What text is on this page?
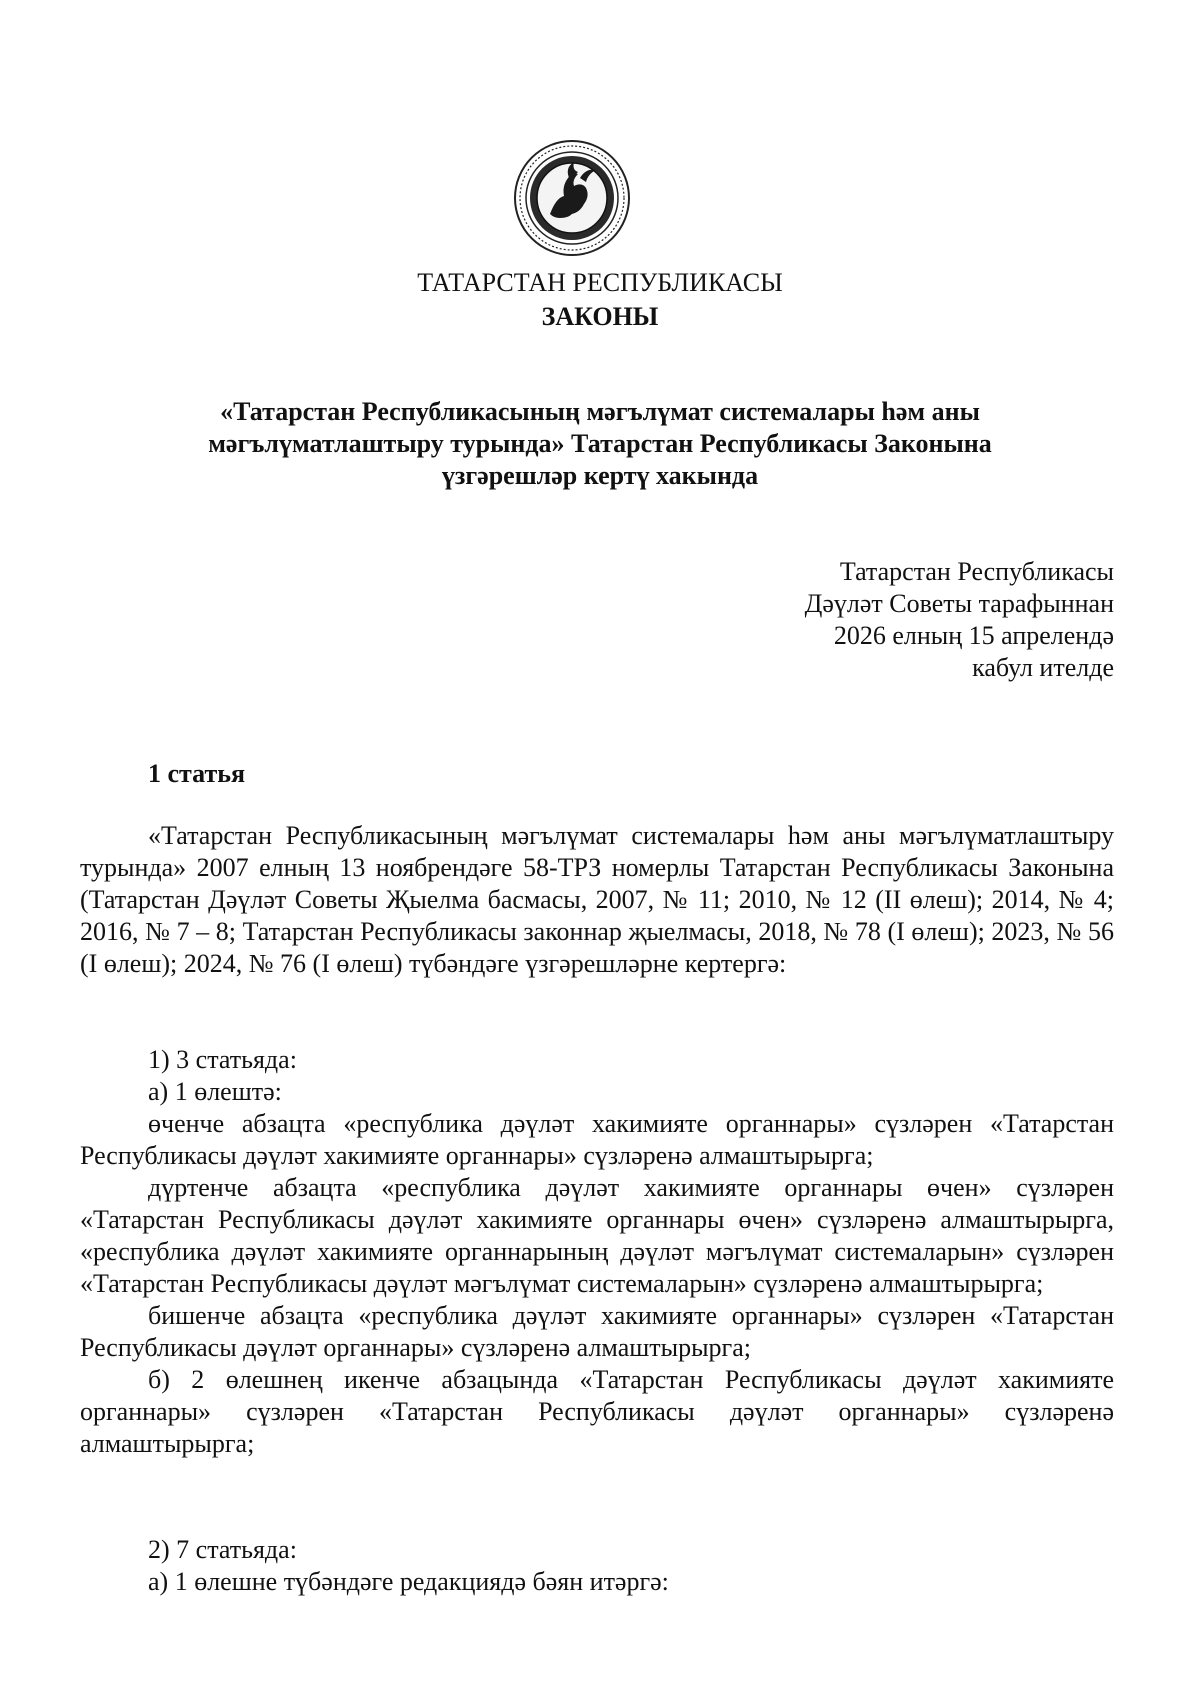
ТАТАРСТАН РЕСПУБЛИКАСЫ
ЗАКОНЫ
«Татарстан Республикасының мәгълүмат системалары һәм аны
мәгълүматлаштыру турында» Татарстан Республикасы Законына
үзгәрешләр кертү хакында
Татарстан Республикасы
Дәүләт Советы тарафыннан
2026 елның 15 апрелендә
кабул ителде
1 статья

«Татарстан Республикасының мәгълүмат системалары һәм аны мәгълүматлаштыру турында» 2007 елның 13 ноябрендәге 58-ТРЗ номерлы Татарстан Республикасы Законына (Татарстан Дәүләт Советы Җыелма басмасы, 2007, № 11; 2010, № 12 (II өлеш); 2014, № 4; 2016, № 7 – 8; Татарстан Республикасы законнар җыелмасы, 2018, № 78 (I өлеш); 2023, № 56 (I өлеш); 2024, № 76 (I өлеш) түбәндәге үзгәрешләрне кертергә:

1) 3 статьяда:
а) 1 өлештә:

өченче абзацта «республика дәүләт хакимияте органнары» сүзләрен «Татарстан Республикасы дәүләт хакимияте органнары» сүзләренә алмаштырырга;

дүртенче абзацта «республика дәүләт хакимияте органнары өчен» сүзләрен «Татарстан Республикасы дәүләт хакимияте органнары өчен» сүзләренә алмаштырырга, «республика дәүләт хакимияте органнарының дәүләт мәгълүмат системаларын» сүзләрен «Татарстан Республикасы дәүләт мәгълүмат системаларын» сүзләренә алмаштырырга;

бишенче абзацта «республика дәүләт хакимияте органнары» сүзләрен «Татарстан Республикасы дәүләт органнары» сүзләренә алмаштырырга;

б) 2 өлешнең икенче абзацында «Татарстан Республикасы дәүләт хакимияте органнары» сүзләрен «Татарстан Республикасы дәүләт органнары» сүзләренә алмаштырырга;

2) 7 статьяда:
а) 1 өлешне түбәндәге редакциядә бәян итәргә:
